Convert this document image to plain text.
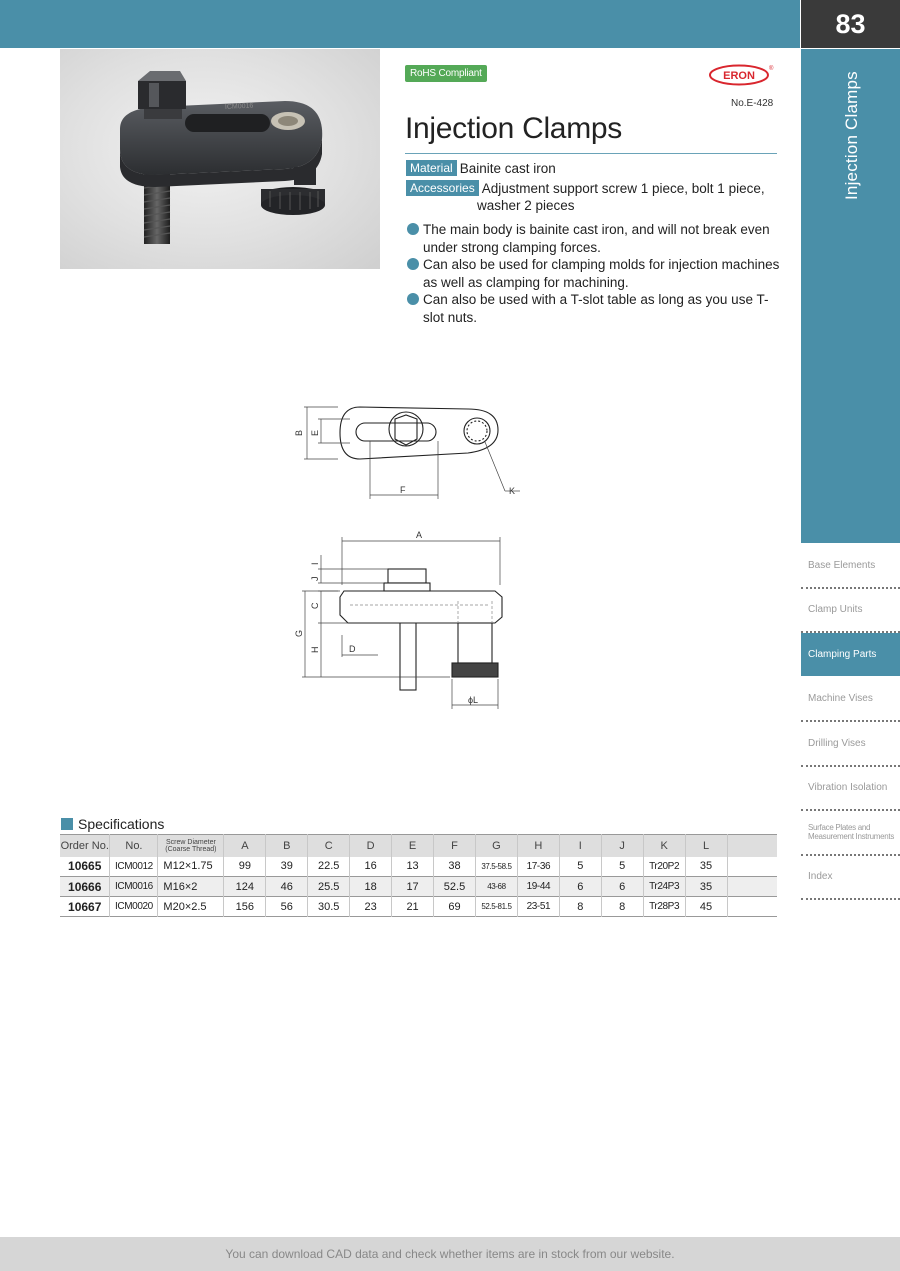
83
Injection Clamps
Base Elements
Clamp Units
Clamping Parts
Machine Vises
Drilling Vises
Vibration Isolation
Surface Plates and Measurement Instruments
Index
ICM0016
RoHS Compliant	ERON
®
No.E-428
Injection Clamps
Material Bainite cast iron
Accessories Adjustment support screw 1 piece, bolt 1 piece,
washer 2 pieces
The main body is bainite cast iron, and will not break even under strong clamping forces.
Can also be used for clamping molds for injection machines as well as clamping for machining.
Can also be used with a T-slot table as long as you use T-slot nuts.
B E
F	K
A
G
C
H
I
J
D
ϕL
Specifications
Order No.	No.	Screw Diameter
(Coarse Thread)	A	B	C	D	E	F	G	H	I	J	K	L	
10665	ICM0012	M12×1.75	99	39	22.5	16	13	38	37.5-58.5	17-36	5	5	Tr20P2	35	
10666	ICM0016	M16×2	124	46	25.5	18	17	52.5	43-68	19-44	6	6	Tr24P3	35	
10667	ICM0020	M20×2.5	156	56	30.5	23	21	69	52.5-81.5	23-51	8	8	Tr28P3	45	
You can download CAD data and check whether items are in stock from our website.
